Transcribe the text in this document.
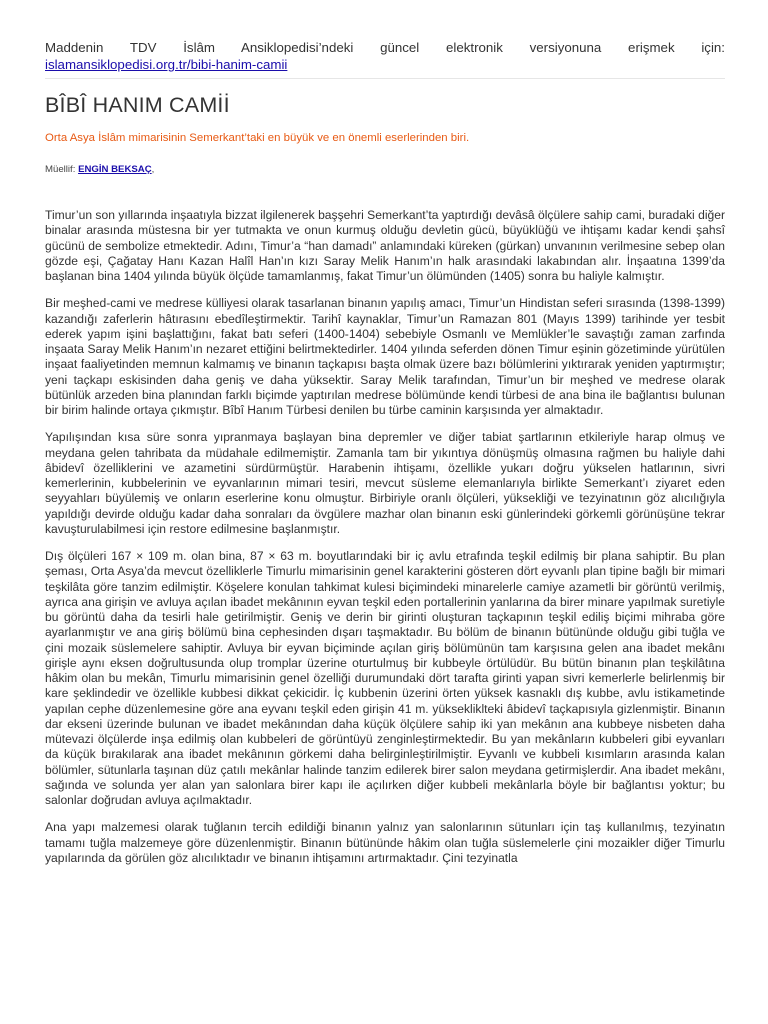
Maddenin TDV İslâm Ansiklopedisi’ndeki güncel elektronik versiyonuna erişmek için:
islamansiklopedisi.org.tr/bibi-hanim-camii
BÎBÎ HANIM CAMİİ
Orta Asya İslâm mimarisinin Semerkant’taki en büyük ve en önemli eserlerinden biri.
Müellif: ENGİN BEKSAÇ,

Timur’un son yıllarında inşaatıyla bizzat ilgilenerek başşehri Semerkant’ta yaptırdığı devâsâ ölçülere sahip cami, buradaki diğer binalar arasında müstesna bir yer tutmakta ve onun kurmuş olduğu devletin gücü, büyüklüğü ve ihtişamı kadar kendi şahsî gücünü de sembolize etmektedir. Adını, Timur’a “han damadı” anlamındaki küreken (gürkan) unvanının verilmesine sebep olan gözde eşi, Çağatay Hanı Kazan Halîl Han’ın kızı Saray Melik Hanım’ın halk arasındaki lakabından alır. İnşaatına 1399’da başlanan bina 1404 yılında büyük ölçüde tamamlanmış, fakat Timur’un ölümünden (1405) sonra bu haliyle kalmıştır.

Bir meşhed-cami ve medrese külliyesi olarak tasarlanan binanın yapılış amacı, Timur’un Hindistan seferi sırasında (1398-1399) kazandığı zaferlerin hâtırasını ebedîleştirmektir. Tarihî kaynaklar, Timur’un Ramazan 801 (Mayıs 1399) tarihinde yer tesbit ederek yapım işini başlattığını, fakat batı seferi (1400-1404) sebebiyle Osmanlı ve Memlükler’le savaştığı zaman zarfında inşaata Saray Melik Hanım’ın nezaret ettiğini belirtmektedirler. 1404 yılında seferden dönen Timur eşinin gözetiminde yürütülen inşaat faaliyetinden memnun kalmamış ve binanın taçkapısı başta olmak üzere bazı bölümlerini yıktırarak yeniden yaptırmıştır; yeni taçkapı eskisinden daha geniş ve daha yüksektir. Saray Melik tarafından, Timur’un bir meşhed ve medrese olarak bütünlük arzeden bina planından farklı biçimde yaptırılan medrese bölümünde kendi türbesi de ana bina ile bağlantısı bulunan bir birim halinde ortaya çıkmıştır. Bîbî Hanım Türbesi denilen bu türbe caminin karşısında yer almaktadır.

Yapılışından kısa süre sonra yıpranmaya başlayan bina depremler ve diğer tabiat şartlarının etkileriyle harap olmuş ve meydana gelen tahribata da müdahale edilmemiştir. Zamanla tam bir yıkıntıya dönüşmüş olmasına rağmen bu haliyle dahi âbidevî özelliklerini ve azametini sürdürmüştür. Harabenin ihtişamı, özellikle yukarı doğru yükselen hatlarının, sivri kemerlerinin, kubbelerinin ve eyvanlarının mimari tesiri, mevcut süsleme elemanlarıyla birlikte Semerkant’ı ziyaret eden seyyahları büyülemiş ve onların eserlerine konu olmuştur. Birbiriyle oranlı ölçüleri, yüksekliği ve tezyinatının göz alıcılığıyla yapıldığı devirde olduğu kadar daha sonraları da övgülere mazhar olan binanın eski günlerindeki görkemli görünüşüne tekrar kavuşturulabilmesi için restore edilmesine başlanmıştır.

Dış ölçüleri 167 × 109 m. olan bina, 87 × 63 m. boyutlarındaki bir iç avlu etrafında teşkil edilmiş bir plana sahiptir. Bu plan şeması, Orta Asya’da mevcut özelliklerle Timurlu mimarisinin genel karakterini gösteren dört eyvanlı plan tipine bağlı bir mimari teşkilâta göre tanzim edilmiştir. Köşelere konulan tahkimat kulesi biçimindeki minarelerle camiye azametli bir görüntü verilmiş, ayrıca ana girişin ve avluya açılan ibadet mekânının eyvan teşkil eden portallerinin yanlarına da birer minare yapılmak suretiyle bu görüntü daha da tesirli hale getirilmiştir. Geniş ve derin bir girinti oluşturan taçkapının teşkil ediliş biçimi mihraba göre ayarlanmıştır ve ana giriş bölümü bina cephesinden dışarı taşmaktadır. Bu bölüm de binanın bütününde olduğu gibi tuğla ve çini mozaik süslemelere sahiptir. Avluya bir eyvan biçiminde açılan giriş bölümünün tam karşısına gelen ana ibadet mekânı girişle aynı eksen doğrultusunda olup tromplar üzerine oturtulmuş bir kubbeyle örtülüdür. Bu bütün binanın plan teşkilâtına hâkim olan bu mekân, Timurlu mimarisinin genel özelliği durumundaki dört tarafta girinti yapan sivri kemerlerle belirlenmiş bir kare şeklindedir ve özellikle kubbesi dikkat çekicidir. İç kubbenin üzerini örten yüksek kasnaklı dış kubbe, avlu istikametinde yapılan cephe düzenlemesine göre ana eyvanı teşkil eden girişin 41 m. yüksekliklteki âbidevî taçkapısıyla gizlenmiştir. Binanın dar ekseni üzerinde bulunan ve ibadet mekânından daha küçük ölçülere sahip iki yan mekânın ana kubbeye nisbeten daha mütevazi ölçülerde inşa edilmiş olan kubbeleri de görüntüyü zenginleştirmektedir. Bu yan mekânların kubbeleri gibi eyvanları da küçük bırakılarak ana ibadet mekânının görkemi daha belirginleştirilmiştir. Eyvanlı ve kubbeli kısımların arasında kalan bölümler, sütunlarla taşınan düz çatılı mekânlar halinde tanzim edilerek birer salon meydana getirmişlerdir. Ana ibadet mekânı, sağında ve solunda yer alan yan salonlara birer kapı ile açılırken diğer kubbeli mekânlarla böyle bir bağlantısı yoktur; bu salonlar doğrudan avluya açılmaktadır.

Ana yapı malzemesi olarak tuğlanın tercih edildiği binanın yalnız yan salonlarının sütunları için taş kullanılmış, tezyinatın tamamı tuğla malzemeye göre düzenlenmiştir. Binanın bütününde hâkim olan tuğla süslemelerle çini mozaikler diğer Timurlu yapılarında da görülen göz alıcılıktadır ve binanın ihtişamını artırmaktadır. Çini tezyinatla
